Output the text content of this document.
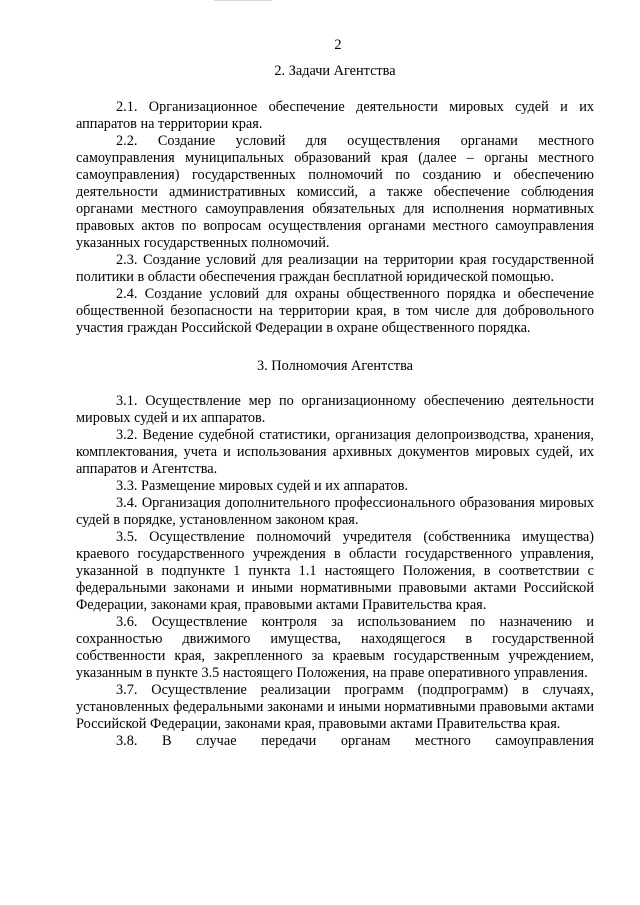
2

2. Задачи Агентства

2.1. Организационное обеспечение деятельности мировых судей и их аппаратов на территории края.

2.2. Создание условий для осуществления органами местного самоуправления муниципальных образований края (далее – органы местного самоуправления) государственных полномочий по созданию и обеспечению деятельности административных комиссий, а также обеспечение соблюдения органами местного самоуправления обязательных для исполнения нормативных правовых актов по вопросам осуществления органами местного самоуправления указанных государственных полномочий.

2.3. Создание условий для реализации на территории края государственной политики в области обеспечения граждан бесплатной юридической помощью.

2.4. Создание условий для охраны общественного порядка и обеспечение общественной безопасности на территории края, в том числе для добровольного участия граждан Российской Федерации в охране общественного порядка.

3. Полномочия Агентства

3.1. Осуществление мер по организационному обеспечению деятельности мировых судей и их аппаратов.

3.2. Ведение судебной статистики, организация делопроизводства, хранения, комплектования, учета и использования архивных документов мировых судей, их аппаратов и Агентства.

3.3. Размещение мировых судей и их аппаратов.

3.4. Организация дополнительного профессионального образования мировых судей в порядке, установленном законом края.

3.5. Осуществление полномочий учредителя (собственника имущества) краевого государственного учреждения в области государственного управления, указанной в подпункте 1 пункта 1.1 настоящего Положения, в соответствии с федеральными законами и иными нормативными правовыми актами Российской Федерации, законами края, правовыми актами Правительства края.

3.6. Осуществление контроля за использованием по назначению и сохранностью движимого имущества, находящегося в государственной собственности края, закрепленного за краевым государственным учреждением, указанным в пункте 3.5 настоящего Положения, на праве оперативного управления.

3.7. Осуществление реализации программ (подпрограмм) в случаях, установленных федеральными законами и иными нормативными правовыми актами Российской Федерации, законами края, правовыми актами Правительства края.

3.8. В случае передачи органам местного самоуправления
